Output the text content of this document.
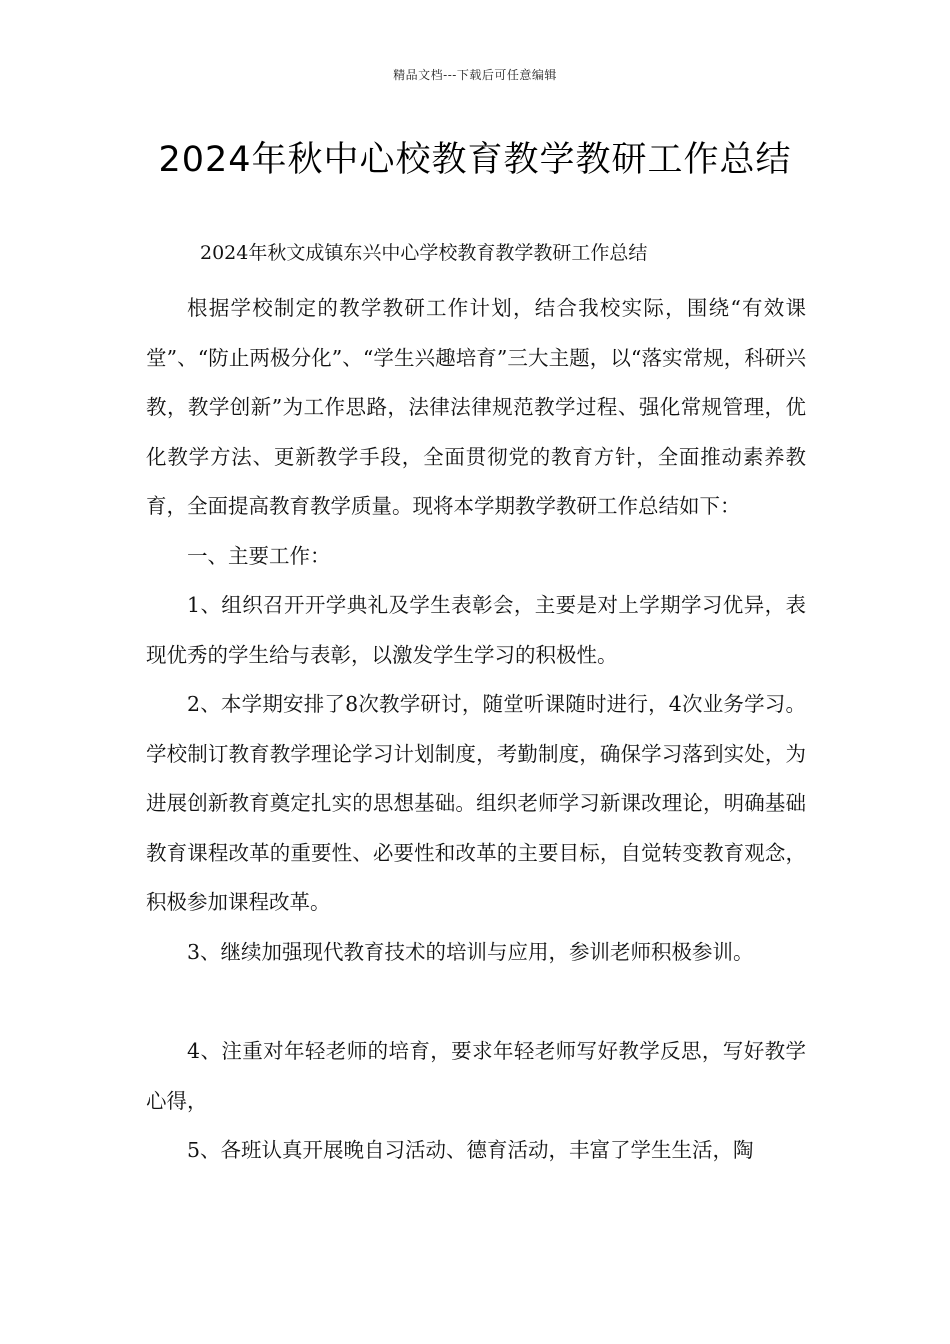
精品文档---下载后可任意编辑
2024年秋中心校教育教学教研工作总结
2024年秋文成镇东兴中心学校教育教学教研工作总结

根据学校制定的教学教研工作计划，结合我校实际，围绕“有效课堂”、“防止两极分化”、“学生兴趣培育”三大主题，以“落实常规，科研兴教，教学创新”为工作思路，法律法律规范教学过程、强化常规管理，优化教学方法、更新教学手段，全面贯彻党的教育方针，全面推动素养教育，全面提高教育教学质量。现将本学期教学教研工作总结如下：

一、主要工作：

1、组织召开开学典礼及学生表彰会，主要是对上学期学习优异，表现优秀的学生给与表彰，以激发学生学习的积极性。

2、本学期安排了8次教学研讨，随堂听课随时进行，4次业务学习。学校制订教育教学理论学习计划制度，考勤制度，确保学习落到实处，为进展创新教育奠定扎实的思想基础。组织老师学习新课改理论，明确基础教育课程改革的重要性、必要性和改革的主要目标，自觉转变教育观念，积极参加课程改革。

3、继续加强现代教育技术的培训与应用，参训老师积极参训。

4、注重对年轻老师的培育，要求年轻老师写好教学反思，写好教学心得，

5、各班认真开展晚自习活动、德育活动，丰富了学生生活，陶
